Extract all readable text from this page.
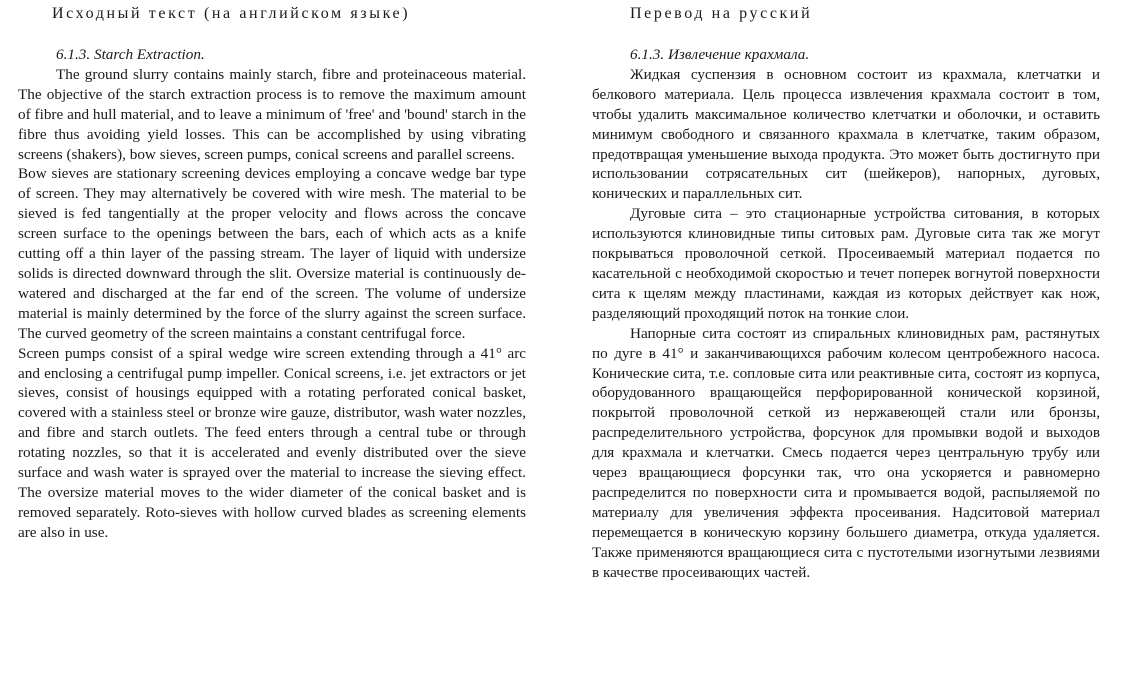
Исходный текст (на английском языке)
6.1.3. Starch Extraction.

The ground slurry contains mainly starch, fibre and proteinaceous material. The objective of the starch extraction process is to remove the maximum amount of fibre and hull material, and to leave a minimum of 'free' and 'bound' starch in the fibre thus avoiding yield losses. This can be accomplished by using vibrating screens (shakers), bow sieves, screen pumps, conical screens and parallel screens.

Bow sieves are stationary screening devices employing a concave wedge bar type of screen. They may alternatively be covered with wire mesh. The material to be sieved is fed tangentially at the proper velocity and flows across the concave screen surface to the openings between the bars, each of which acts as a knife cutting off a thin layer of the passing stream. The layer of liquid with undersize solids is directed downward through the slit. Oversize material is continuously de-watered and discharged at the far end of the screen. The volume of undersize material is mainly determined by the force of the slurry against the screen surface. The curved geometry of the screen maintains a constant centrifugal force.

Screen pumps consist of a spiral wedge wire screen extending through a 41° arc and enclosing a centrifugal pump impeller. Conical screens, i.e. jet extractors or jet sieves, consist of housings equipped with a rotating perforated conical basket, covered with a stainless steel or bronze wire gauze, distributor, wash water nozzles, and fibre and starch outlets. The feed enters through a central tube or through rotating nozzles, so that it is accelerated and evenly distributed over the sieve surface and wash water is sprayed over the material to increase the sieving effect. The oversize material moves to the wider diameter of the conical basket and is removed separately. Roto-sieves with hollow curved blades as screening elements are also in use.

Перевод на русский
6.1.3. Извлечение крахмала.

Жидкая суспензия в основном состоит из крахмала, клетчатки и белкового материала. Цель процесса извлечения крахмала состоит в том, чтобы удалить максимальное количество клетчатки и оболочки, и оставить минимум свободного и связанного крахмала в клетчатке, таким образом, предотвращая уменьшение выхода продукта. Это может быть достигнуто при использовании сотрясательных сит (шейкеров), напорных, дуговых, конических и параллельных сит.

Дуговые сита – это стационарные устройства ситования, в которых используются клиновидные типы ситовых рам. Дуговые сита так же могут покрываться проволочной сеткой. Просеиваемый материал подается по касательной с необходимой скоростью и течет поперек вогнутой поверхности сита к щелям между пластинами, каждая из которых действует как нож, разделяющий проходящий поток на тонкие слои.

Напорные сита состоят из спиральных клиновидных рам, растянутых по дуге в 41° и заканчивающихся рабочим колесом центробежного насоса. Конические сита, т.е. сопловые сита или реактивные сита, состоят из корпуса, оборудованного вращающейся перфорированной конической корзиной, покрытой проволочной сеткой из нержавеющей стали или бронзы, распределительного устройства, форсунок для промывки водой и выходов для крахмала и клетчатки. Смесь подается через центральную трубу или через вращающиеся форсунки так, что она ускоряется и равномерно распределится по поверхности сита и промывается водой, распыляемой по материалу для увеличения эффекта просеивания. Надситовой материал перемещается в коническую корзину большего диаметра, откуда удаляется. Также применяются вращающиеся сита с пустотелыми изогнутыми лезвиями в качестве просеивающих частей.
